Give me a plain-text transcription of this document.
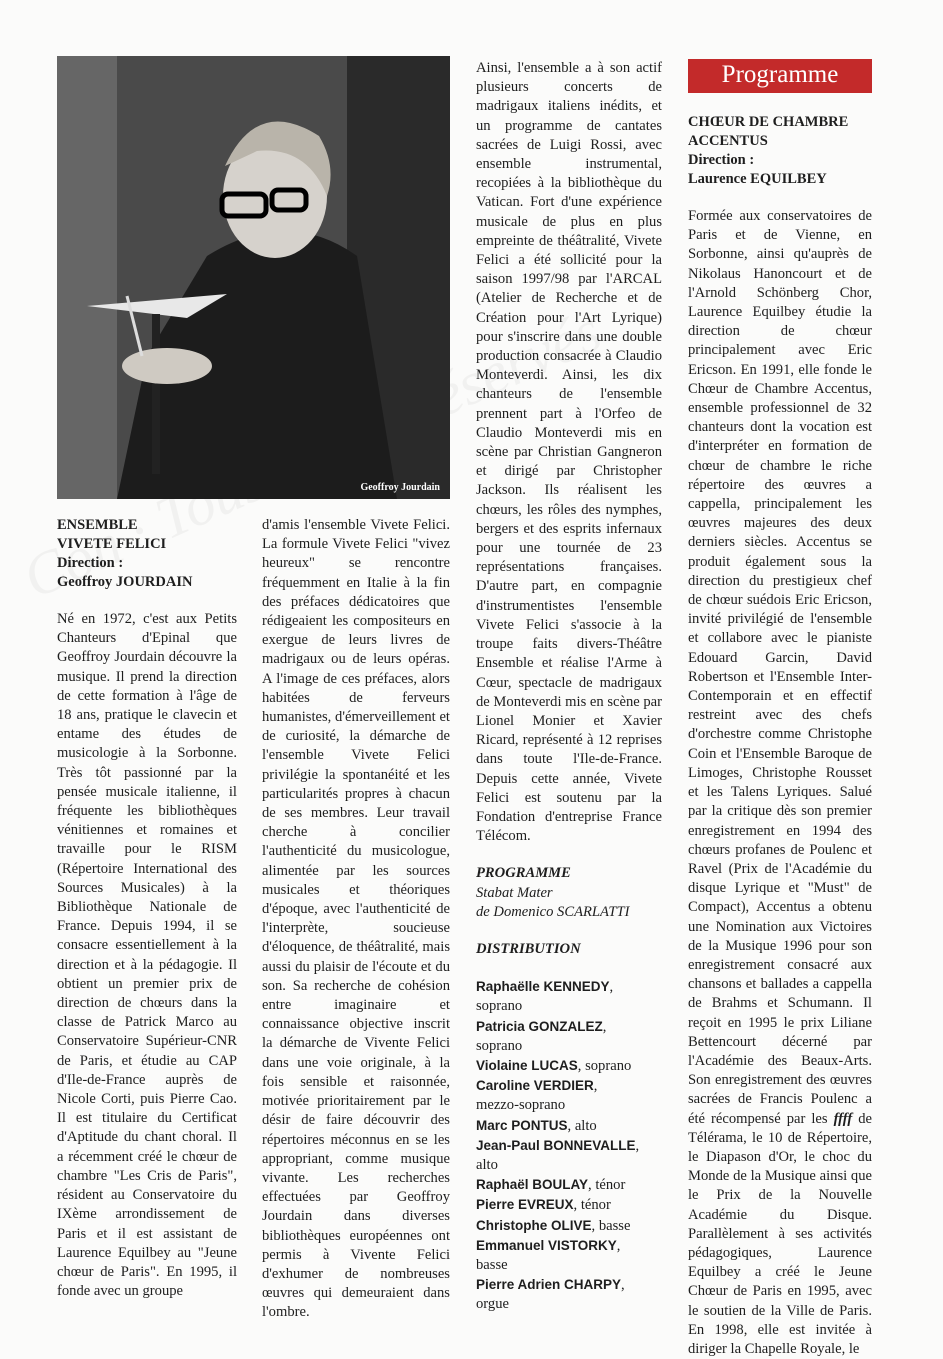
Geoffroy Jourdain

ENSEMBLE

VIVETE FELICI

Direction :

Geoffroy JOURDAIN

Né en 1972, c'est aux Petits Chanteurs d'Epinal que Geoffroy Jourdain découvre la musique. Il prend la direction de cette formation à l'âge de 18 ans, pratique le clavecin et entame des études de musicologie à la Sorbonne. Très tôt passionné par la pensée musicale italienne, il fréquente les bibliothèques vénitiennes et romaines et travaille pour le RISM (Répertoire International des Sources Musicales) à la Bibliothèque Nationale de France. Depuis 1994, il se consacre essentiellement à la direction et à la pédagogie. Il obtient un premier prix de direction de chœurs dans la classe de Patrick Marco au Conservatoire Supérieur-CNR de Paris, et étudie au CAP d'Ile-de-France auprès de Nicole Corti, puis Pierre Cao. Il est titulaire du Certificat d'Aptitude du chant choral. Il a récemment créé le chœur de chambre "Les Cris de Paris", résident au Conservatoire du IXème arrondissement de Paris et il est assistant de Laurence Equilbey au "Jeune chœur de Paris". En 1995, il fonde avec un groupe

d'amis l'ensemble Vivete Felici. La formule Vivete Felici "vivez heureux" se rencontre fréquemment en Italie à la fin des préfaces dédicatoires que rédigeaient les compositeurs en exergue de leurs livres de madrigaux ou de leurs opéras. A l'image de ces préfaces, alors habitées de ferveurs humanistes, d'émerveillement et de curiosité, la démarche de l'ensemble Vivete Felici privilégie la spontanéité et les particularités propres à chacun de ses membres. Leur travail cherche à concilier l'authenticité du musicologue, alimentée par les sources musicales et théoriques d'époque, avec l'authenticité de l'interprète, soucieuse d'éloquence, de théâtralité, mais aussi du plaisir de l'écoute et du son. Sa recherche de cohésion entre imaginaire et connaissance objective inscrit la démarche de Vivente Felici dans une voie originale, à la fois sensible et raisonnée, motivée prioritairement par le désir de faire découvrir des répertoires méconnus en se les appropriant, comme musique vivante. Les recherches effectuées par Geoffroy Jourdain dans diverses bibliothèques européennes ont permis à Vivente Felici d'exhumer de nombreuses œuvres qui demeuraient dans l'ombre.

Ainsi, l'ensemble a à son actif plusieurs concerts de madrigaux italiens inédits, et un programme de cantates sacrées de Luigi Rossi, avec ensemble instrumental, recopiées à la bibliothèque du Vatican. Fort d'une expérience musicale de plus en plus empreinte de théâtralité, Vivete Felici a été sollicité pour la saison 1997/98 par l'ARCAL (Atelier de Recherche et de Création pour l'Art Lyrique) pour s'inscrire dans une double production consacrée à Claudio Monteverdi. Ainsi, les dix chanteurs de l'ensemble prennent part à l'Orfeo de Claudio Monteverdi mis en scène par Christian Gangneron et dirigé par Christopher Jackson. Ils réalisent les chœurs, les rôles des nymphes, bergers et des esprits infernaux pour une tournée de 23 représentations françaises. D'autre part, en compagnie d'instrumentistes l'ensemble Vivete Felici s'associe à la troupe faits divers-Théâtre Ensemble et réalise l'Arme à Cœur, spectacle de madrigaux de Monteverdi mis en scène par Lionel Monier et Xavier Ricard, représenté à 12 reprises dans toute l'Ile-de-France. Depuis cette année, Vivete Felici est soutenu par la Fondation d'entreprise France Télécom.

PROGRAMME

Stabat Mater

de Domenico SCARLATTI

DISTRIBUTION

Raphaëlle KENNEDY,
soprano

Patricia GONZALEZ,
soprano

Violaine LUCAS, soprano

Caroline VERDIER,
mezzo-soprano

Marc PONTUS, alto

Jean-Paul BONNEVALLE,
alto

Raphaël BOULAY, ténor

Pierre EVREUX, ténor

Christophe OLIVE, basse

Emmanuel VISTORKY,
basse

Pierre Adrien CHARPY,
orgue

Programme

CHŒUR DE CHAMBRE

ACCENTUS

Direction :

Laurence EQUILBEY

Formée aux conservatoires de Paris et de Vienne, en Sorbonne, ainsi qu'auprès de Nikolaus Hanoncourt et de l'Arnold Schönberg Chor, Laurence Equilbey étudie la direction de chœur principalement avec Eric Ericson. En 1991, elle fonde le Chœur de Chambre Accentus, ensemble professionnel de 32 chanteurs dont la vocation est d'interpréter en formation de chœur de chambre le riche répertoire des œuvres a cappella, principalement les œuvres majeures des deux derniers siècles. Accentus se produit également sous la direction du prestigieux chef de chœur suédois Eric Ericson, invité privilégié de l'ensemble et collabore avec le pianiste Edouard Garcin, David Robertson et l'Ensemble Inter-Contemporain et en effectif restreint avec des chefs d'orchestre comme Christophe Coin et l'Ensemble Baroque de Limoges, Christophe Rousset et les Talens Lyriques. Salué par la critique dès son premier enregistrement en 1994 des chœurs profanes de Poulenc et Ravel (Prix de l'Académie du disque Lyrique et "Must" de Compact), Accentus a obtenu une Nomination aux Victoires de la Musique 1996 pour son enregistrement consacré aux chansons et ballades a cappella de Brahms et Schumann. Il reçoit en 1995 le prix Liliane Bettencourt décerné par l'Académie des Beaux-Arts. Son enregistrement des œuvres sacrées de Francis Poulenc a été récompensé par les ffff de Télérama, le 10 de Répertoire, le Diapason d'Or, le choc du Monde de la Musique ainsi que le Prix de la Nouvelle Académie du Disque. Parallèlement à ses activités pédagogiques, Laurence Equilbey a créé le Jeune Chœur de Paris en 1995, avec le soutien de la Ville de Paris. En 1998, elle est invitée à diriger la Chapelle Royale, le
